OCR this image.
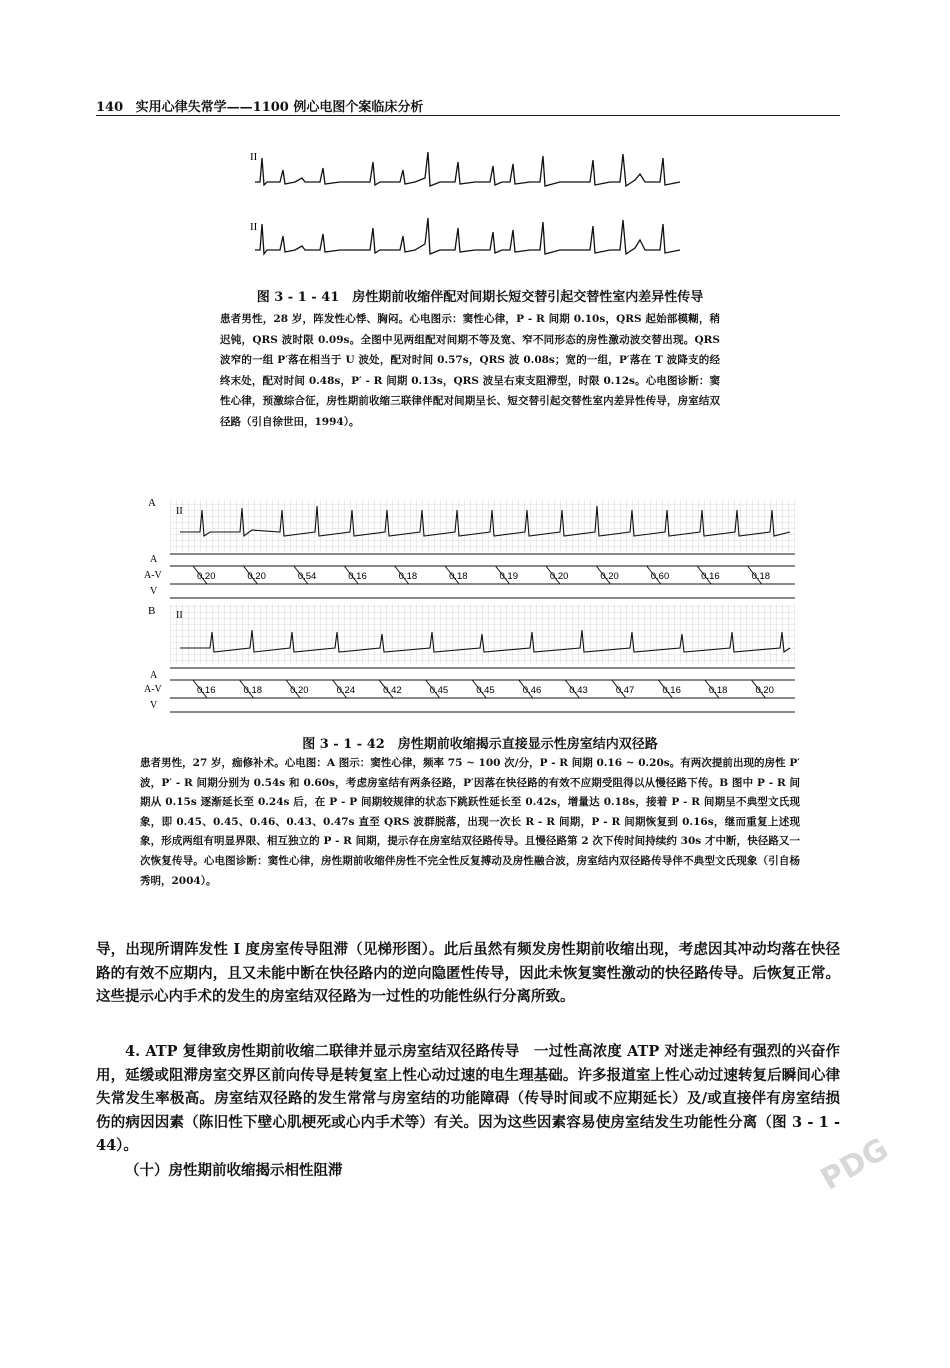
140 实用心律失常学——1100 例心电图个案临床分析
II
II
图 3 - 1 - 41　房性期前收缩伴配对间期长短交替引起交替性室内差异性传导
患者男性，28 岁，阵发性心悸、胸闷。心电图示：窦性心律，P - R 间期 0.10s，QRS 起始部模糊，稍迟钝，QRS 波时限 0.09s。全图中见两组配对间期不等及宽、窄不同形态的房性激动波交替出现。QRS 波窄的一组 P′落在相当于 U 波处，配对时间 0.57s，QRS 波 0.08s；宽的一组，P′落在 T 波降支的经终末处，配对时间 0.48s，P′ - R 间期 0.13s，QRS 波呈右束支阻滞型，时限 0.12s。心电图诊断：窦性心律，预激综合征，房性期前收缩三联律伴配对间期呈长、短交替引起交替性室内差异性传导，房室结双径路（引自徐世田，1994）。
A
II
A
A-V
V
0.20	0.20	0.54	0.16	0.18	0.18	0.19	0.20	0.20	0.60	0.16	0.18
B II
A
A-V
V
0.16	0.18	0.20	0.24	0.42	0.45	0.45	0.46	0.43	0.47	0.16	0.18	0.20
图 3 - 1 - 42　房性期前收缩揭示直接显示性房室结内双径路
患者男性，27 岁，痂修补术。心电图：A 图示：窦性心律，频率 75 ~ 100 次/分，P - R 间期 0.16 ~ 0.20s。有两次提前出现的房性 P′波，P′ - R 间期分别为 0.54s 和 0.60s，考虑房室结有两条径路，P′因落在快径路的有效不应期受阻得以从慢径路下传。B 图中 P - R 间期从 0.15s 逐渐延长至 0.24s 后，在 P - P 间期较规律的状态下跳跃性延长至 0.42s，增量达 0.18s，接着 P - R 间期呈不典型文氏现象，即 0.45、0.45、0.46、0.43、0.47s 直至 QRS 波群脱落，出现一次长 R - R 间期，P - R 间期恢复到 0.16s，继而重复上述现象，形成两组有明显界限、相互独立的 P - R 间期，提示存在房室结双径路传导。且慢径路第 2 次下传时间持续约 30s 才中断，快径路又一次恢复传导。心电图诊断：窦性心律，房性期前收缩伴房性不完全性反复搏动及房性融合波，房室结内双径路传导伴不典型文氏现象（引自杨秀明，2004）。
导，出现所谓阵发性 I 度房室传导阻滞（见梯形图）。此后虽然有频发房性期前收缩出现，考虑因其冲动均落在快径路的有效不应期内，且又未能中断在快径路内的逆向隐匿性传导，因此未恢复窦性激动的快径路传导。后恢复正常。这些提示心内手术的发生的房室结双径路为一过性的功能性纵行分离所致。
4. ATP 复律致房性期前收缩二联律并显示房室结双径路传导　一过性高浓度 ATP 对迷走神经有强烈的兴奋作用，延缓或阻滞房室交界区前向传导是转复室上性心动过速的电生理基础。许多报道室上性心动过速转复后瞬间心律失常发生率极高。房室结双径路的发生常常与房室结的功能障碍（传导时间或不应期延长）及/或直接伴有房室结损伤的病因因素（陈旧性下壁心肌梗死或心内手术等）有关。因为这些因素容易使房室结发生功能性分离（图 3 - 1 - 44）。
（十）房性期前收缩揭示相性阻滞	PDG
